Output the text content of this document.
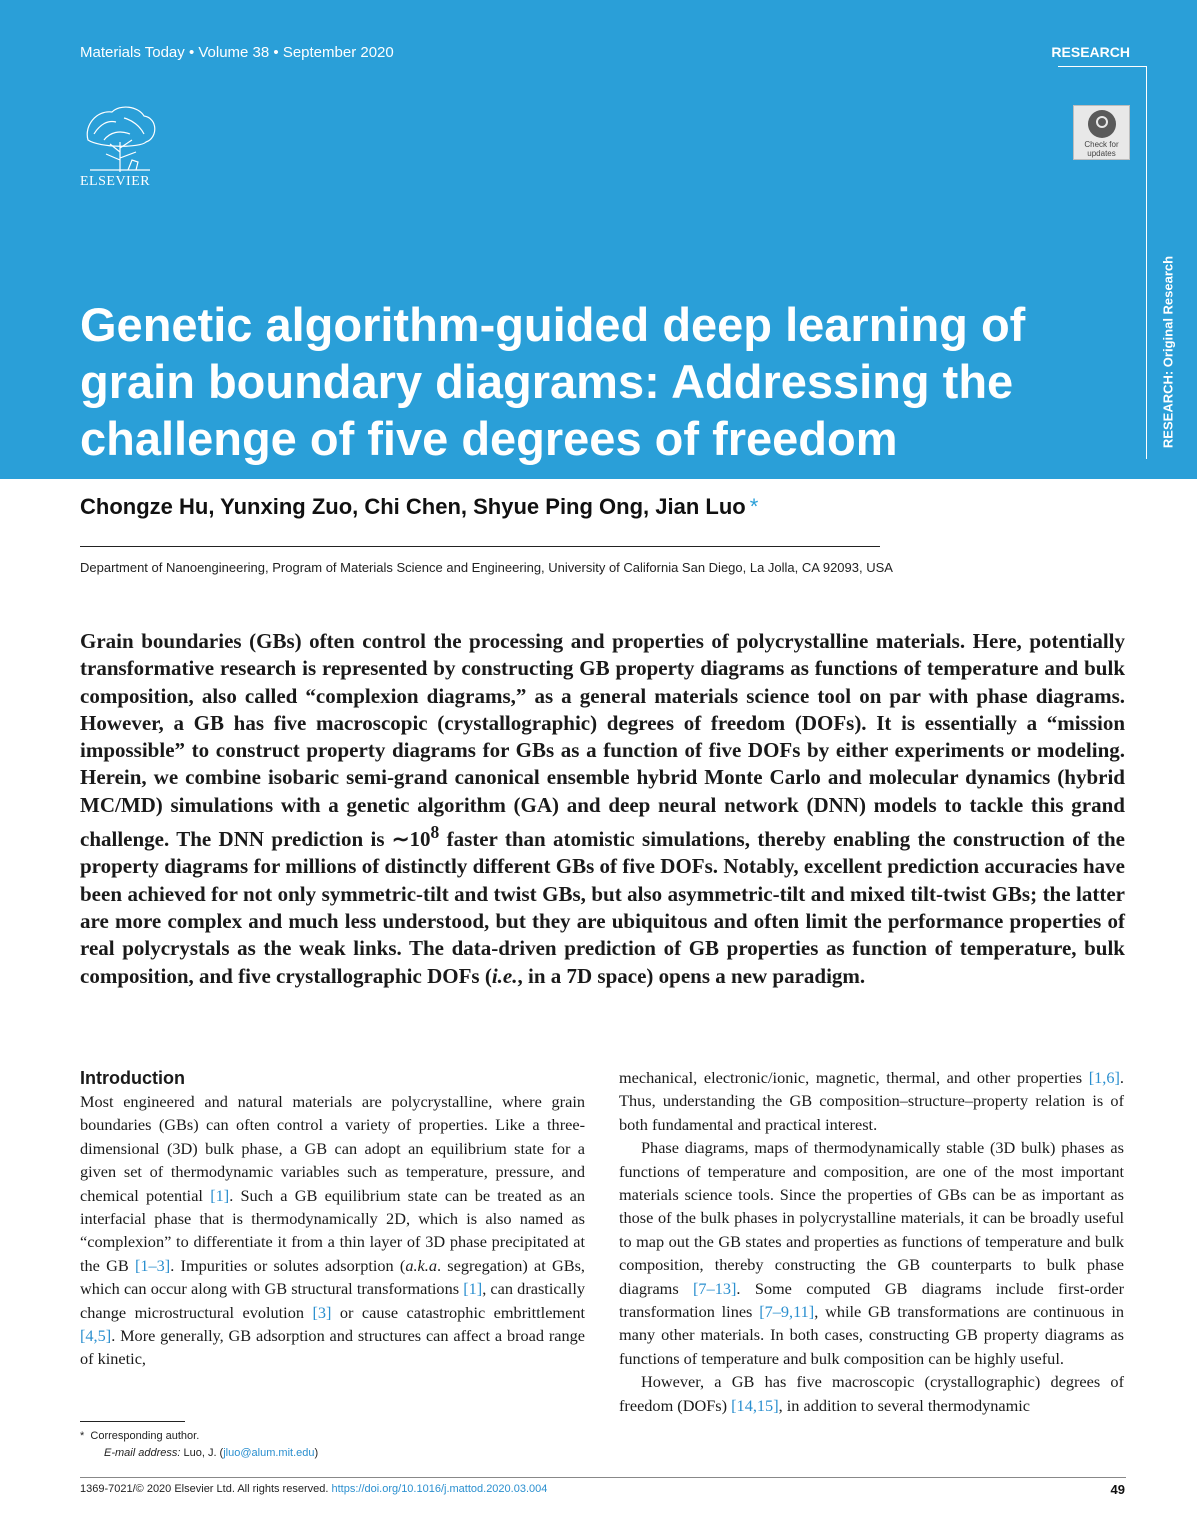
Materials Today • Volume 38 • September 2020	RESEARCH
RESEARCH: Original Research
ELSEVIER
Check for updates
Genetic algorithm-guided deep learning of grain boundary diagrams: Addressing the challenge of five degrees of freedom
Chongze Hu, Yunxing Zuo, Chi Chen, Shyue Ping Ong, Jian Luo *
Department of Nanoengineering, Program of Materials Science and Engineering, University of California San Diego, La Jolla, CA 92093, USA

Grain boundaries (GBs) often control the processing and properties of polycrystalline materials. Here, potentially transformative research is represented by constructing GB property diagrams as functions of temperature and bulk composition, also called “complexion diagrams,” as a general materials science tool on par with phase diagrams. However, a GB has five macroscopic (crystallographic) degrees of freedom (DOFs). It is essentially a “mission impossible” to construct property diagrams for GBs as a function of five DOFs by either experiments or modeling. Herein, we combine isobaric semi-grand canonical ensemble hybrid Monte Carlo and molecular dynamics (hybrid MC/MD) simulations with a genetic algorithm (GA) and deep neural network (DNN) models to tackle this grand challenge. The DNN prediction is $\sim 10^8$ faster than atomistic simulations, thereby enabling the construction of the property diagrams for millions of distinctly different GBs of five DOFs. Notably, excellent prediction accuracies have been achieved for not only symmetric-tilt and twist GBs, but also asymmetric-tilt and mixed tilt-twist GBs; the latter are more complex and much less understood, but they are ubiquitous and often limit the performance properties of real polycrystals as the weak links. The data-driven prediction of GB properties as function of temperature, bulk composition, and five crystallographic DOFs (i.e., in a 7D space) opens a new paradigm.

Introduction

Most engineered and natural materials are polycrystalline, where grain boundaries (GBs) can often control a variety of properties. Like a three-dimensional (3D) bulk phase, a GB can adopt an equilibrium state for a given set of thermodynamic variables such as temperature, pressure, and chemical potential [1]. Such a GB equilibrium state can be treated as an interfacial phase that is thermodynamically 2D, which is also named as “complexion” to differentiate it from a thin layer of 3D phase precipitated at the GB [1–3]. Impurities or solutes adsorption (a.k.a. segregation) at GBs, which can occur along with GB structural transformations [1], can drastically change microstructural evolution [3] or cause catastrophic embrittlement [4,5]. More generally, GB adsorption and structures can affect a broad range of kinetic,

mechanical, electronic/ionic, magnetic, thermal, and other properties [1,6]. Thus, understanding the GB composition–structure–property relation is of both fundamental and practical interest.

Phase diagrams, maps of thermodynamically stable (3D bulk) phases as functions of temperature and composition, are one of the most important materials science tools. Since the properties of GBs can be as important as those of the bulk phases in polycrystalline materials, it can be broadly useful to map out the GB states and properties as functions of temperature and bulk composition, thereby constructing the GB counterparts to bulk phase diagrams [7–13]. Some computed GB diagrams include first-order transformation lines [7–9,11], while GB transformations are continuous in many other materials. In both cases, constructing GB property diagrams as functions of temperature and bulk composition can be highly useful.

However, a GB has five macroscopic (crystallographic) degrees of freedom (DOFs) [14,15], in addition to several thermodynamic

* Corresponding author.
E-mail address: Luo, J. (jluo@alum.mit.edu)
1369-7021/© 2020 Elsevier Ltd. All rights reserved. https://doi.org/10.1016/j.mattod.2020.03.004	49
